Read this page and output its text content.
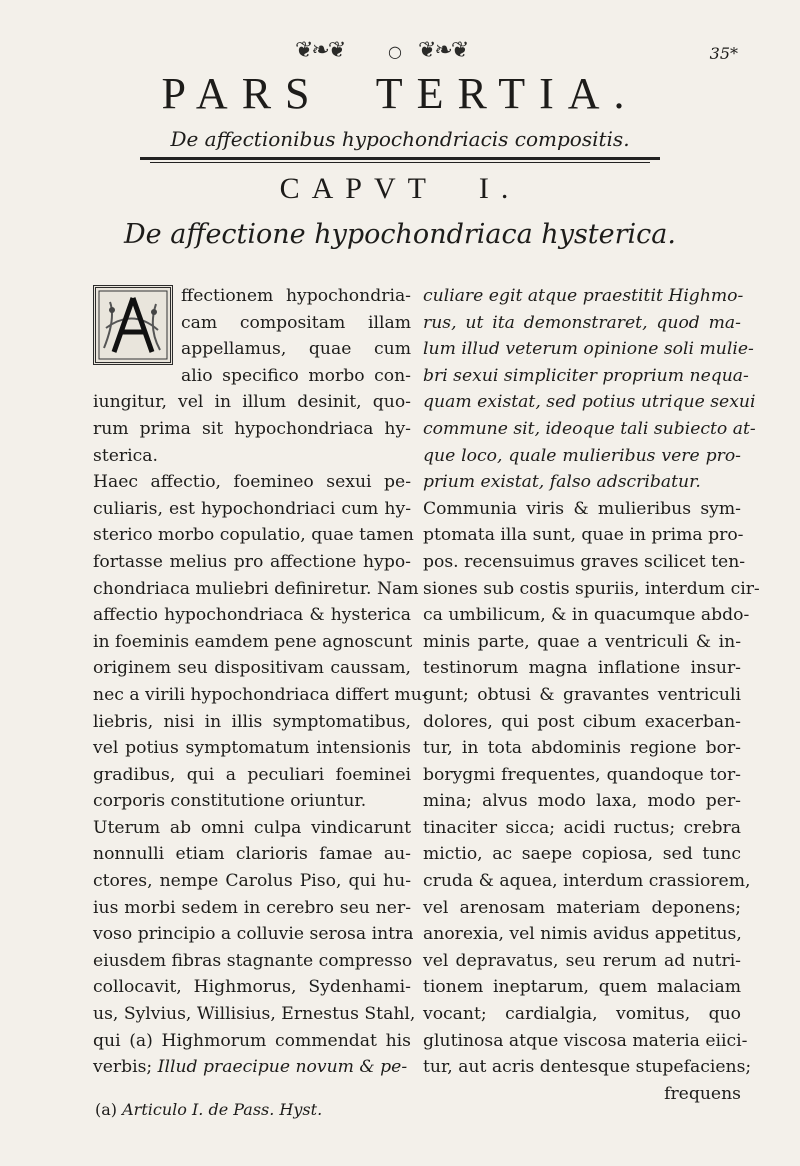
❦❧❦	○ ❦❧❦	35*
PARS TERTIA.
De affectionibus hypochondriacis compositis.
CAPVT I.
De affectione hypochondriaca hysterica.

ffectionem hypochondria-
cam compositam illam
appellamus, quae cum
alio specifico morbo con-
iungitur, vel in illum desinit, quo-
rum prima sit hypochondriaca hy-
sterica.
Haec affectio, foemineo sexui pe-
culiaris, est hypochondriaci cum hy-
sterico morbo copulatio, quae tamen
fortasse melius pro affectione hypo-
chondriaca muliebri definiretur. Nam
affectio hypochondriaca & hysterica
in foeminis eamdem pene agnoscunt
originem seu dispositivam caussam,
nec a virili hypochondriaca differt mu-
liebris, nisi in illis symptomatibus,
vel potius symptomatum intensionis
gradibus, qui a peculiari foeminei
corporis constitutione oriuntur.
Uterum ab omni culpa vindicarunt
nonnulli etiam clarioris famae au-
ctores, nempe Carolus Piso, qui hu-
ius morbi sedem in cerebro seu ner-
voso principio a colluvie serosa intra
eiusdem fibras stagnante compresso
collocavit, Highmorus, Sydenhami-
us, Sylvius, Willisius, Ernestus Stahl,
qui (a) Highmorum commendat his
verbis; Illud praecipue novum & pe-

culiare egit atque praestitit Highmo-
rus, ut ita demonstraret, quod ma-
lum illud veterum opinione soli mulie-
bri sexui simpliciter proprium nequa-
quam existat, sed potius utrique sexui
commune sit, ideoque tali subiecto at-
que loco, quale mulieribus vere pro-
prium existat, falso adscribatur.
Communia viris & mulieribus sym-
ptomata illa sunt, quae in prima pro-
pos. recensuimus graves scilicet ten-
siones sub costis spuriis, interdum cir-
ca umbilicum, & in quacumque abdo-
minis parte, quae a ventriculi & in-
testinorum magna inflatione insur-
gunt; obtusi & gravantes ventriculi
dolores, qui post cibum exacerban-
tur, in tota abdominis regione bor-
borygmi frequentes, quandoque tor-
mina; alvus modo laxa, modo per-
tinaciter sicca; acidi ructus; crebra
mictio, ac saepe copiosa, sed tunc
cruda & aquea, interdum crassiorem,
vel arenosam materiam deponens;
anorexia, vel nimis avidus appetitus,
vel depravatus, seu rerum ad nutri-
tionem ineptarum, quem malaciam
vocant; cardialgia, vomitus, quo
glutinosa atque viscosa materia eiici-
tur, aut acris dentesque stupefaciens;
frequens

(a) Articulo I. de Pass. Hyst.
